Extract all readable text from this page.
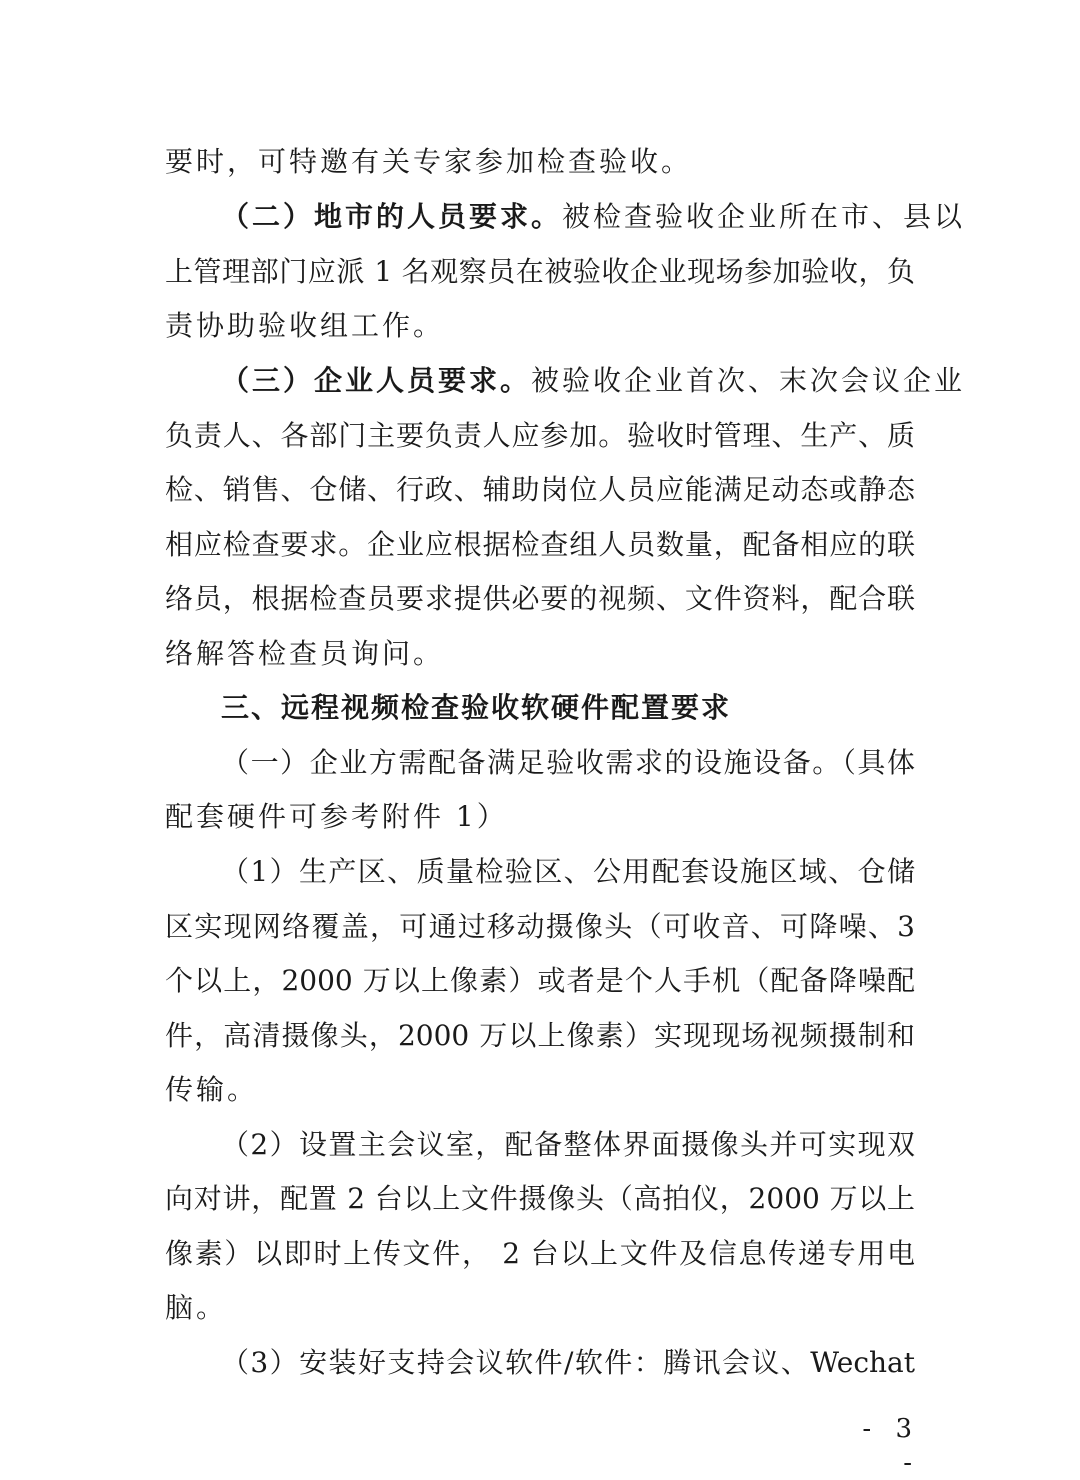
要时，可特邀有关专家参加检查验收。
（二）地市的人员要求。被检查验收企业所在市、县以
上管理部门应派 1 名观察员在被验收企业现场参加验收，负
责协助验收组工作。
（三）企业人员要求。被验收企业首次、末次会议企业
负责人、各部门主要负责人应参加。验收时管理、生产、质
检、销售、仓储、行政、辅助岗位人员应能满足动态或静态
相应检查要求。企业应根据检查组人员数量，配备相应的联
络员，根据检查员要求提供必要的视频、文件资料，配合联
络解答检查员询问。
三、远程视频检查验收软硬件配置要求
（一）企业方需配备满足验收需求的设施设备。（具体
配套硬件可参考附件 1）
（1）生产区、质量检验区、公用配套设施区域、仓储
区实现网络覆盖，可通过移动摄像头（可收音、可降噪、3
个以上，2000 万以上像素）或者是个人手机（配备降噪配
件，高清摄像头，2000 万以上像素）实现现场视频摄制和
传输。
（2）设置主会议室，配备整体界面摄像头并可实现双
向对讲，配置 2 台以上文件摄像头（高拍仪，2000 万以上
像素）以即时上传文件， 2 台以上文件及信息传递专用电
脑。
（3）安装好支持会议软件/软件：腾讯会议、Wechat
- 3 -
